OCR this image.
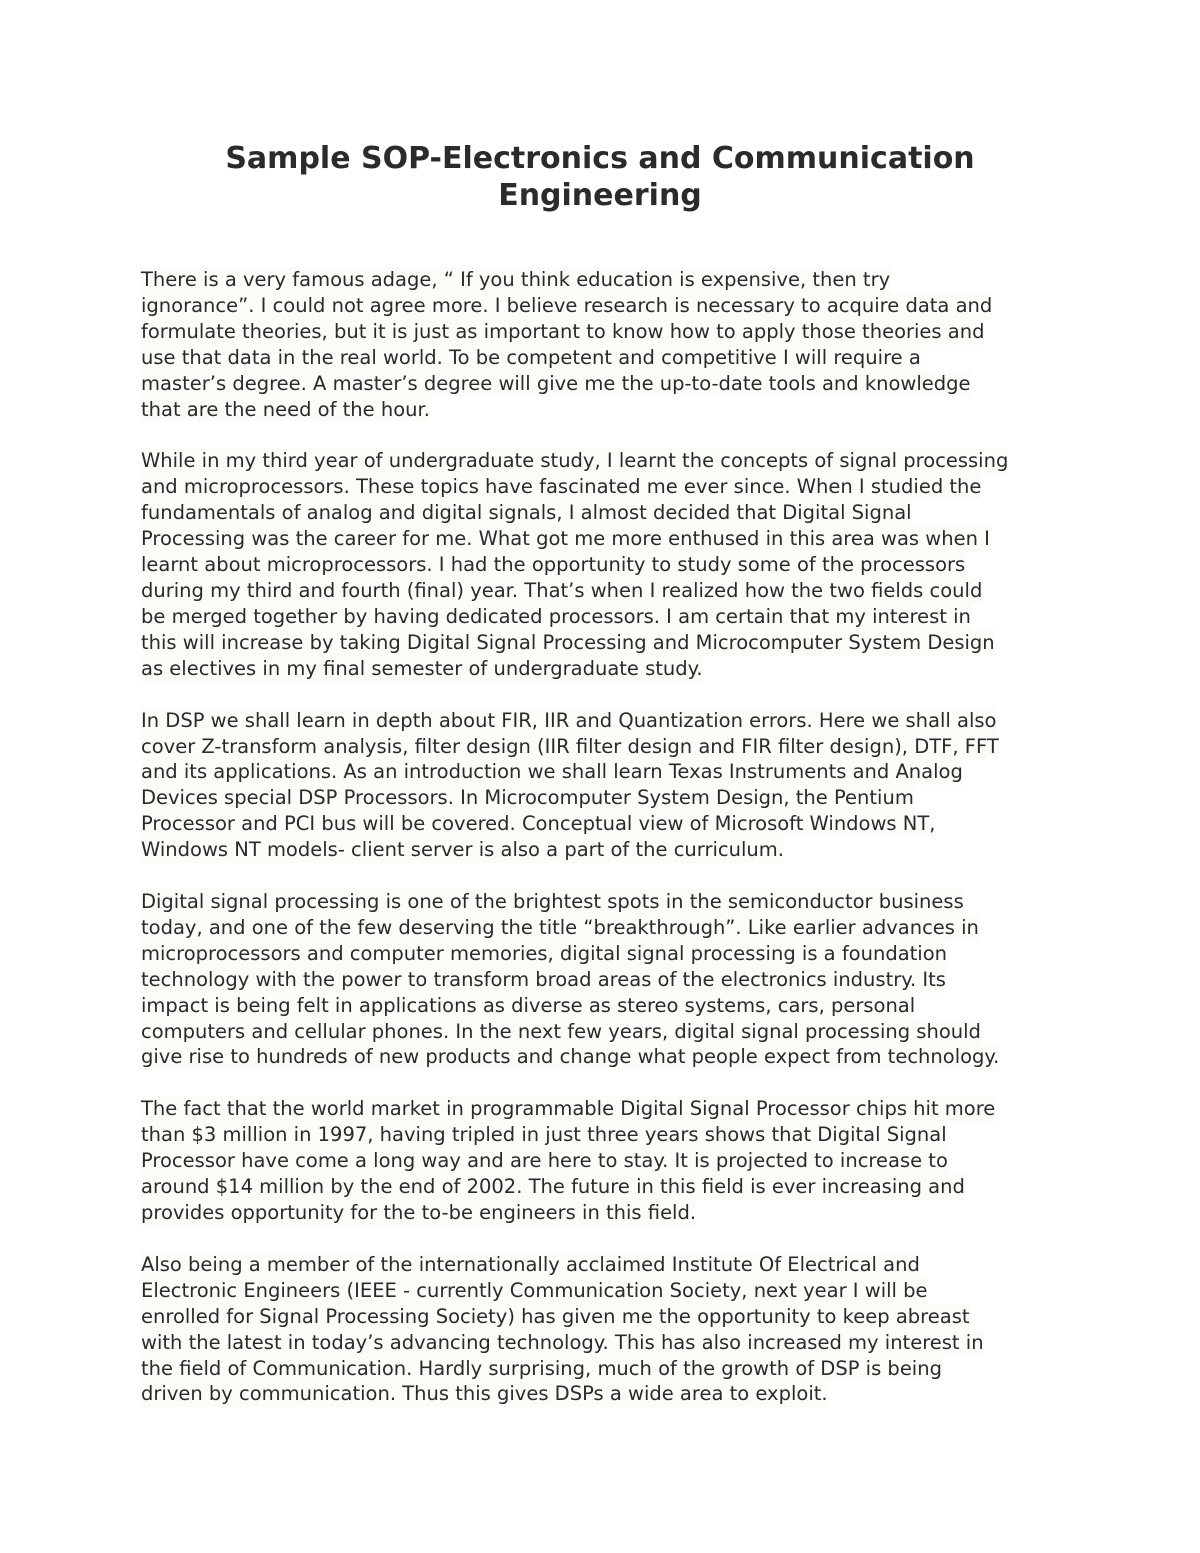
Sample SOP-Electronics and Communication
Engineering

There is a very famous adage, “ If you think education is expensive, then try
ignorance”. I could not agree more. I believe research is necessary to acquire data and
formulate theories, but it is just as important to know how to apply those theories and
use that data in the real world. To be competent and competitive I will require a
master’s degree. A master’s degree will give me the up-to-date tools and knowledge
that are the need of the hour.

While in my third year of undergraduate study, I learnt the concepts of signal processing
and microprocessors. These topics have fascinated me ever since. When I studied the
fundamentals of analog and digital signals, I almost decided that Digital Signal
Processing was the career for me. What got me more enthused in this area was when I
learnt about microprocessors. I had the opportunity to study some of the processors
during my third and fourth (final) year. That’s when I realized how the two fields could
be merged together by having dedicated processors. I am certain that my interest in
this will increase by taking Digital Signal Processing and Microcomputer System Design
as electives in my final semester of undergraduate study.

In DSP we shall learn in depth about FIR, IIR and Quantization errors. Here we shall also
cover Z-transform analysis, filter design (IIR filter design and FIR filter design), DTF, FFT
and its applications. As an introduction we shall learn Texas Instruments and Analog
Devices special DSP Processors. In Microcomputer System Design, the Pentium
Processor and PCI bus will be covered. Conceptual view of Microsoft Windows NT,
Windows NT models- client server is also a part of the curriculum.

Digital signal processing is one of the brightest spots in the semiconductor business
today, and one of the few deserving the title “breakthrough”. Like earlier advances in
microprocessors and computer memories, digital signal processing is a foundation
technology with the power to transform broad areas of the electronics industry. Its
impact is being felt in applications as diverse as stereo systems, cars, personal
computers and cellular phones. In the next few years, digital signal processing should
give rise to hundreds of new products and change what people expect from technology.

The fact that the world market in programmable Digital Signal Processor chips hit more
than $3 million in 1997, having tripled in just three years shows that Digital Signal
Processor have come a long way and are here to stay. It is projected to increase to
around $14 million by the end of 2002. The future in this field is ever increasing and
provides opportunity for the to-be engineers in this field.

Also being a member of the internationally acclaimed Institute Of Electrical and
Electronic Engineers (IEEE - currently Communication Society, next year I will be
enrolled for Signal Processing Society) has given me the opportunity to keep abreast
with the latest in today’s advancing technology. This has also increased my interest in
the field of Communication. Hardly surprising, much of the growth of DSP is being
driven by communication. Thus this gives DSPs a wide area to exploit.
